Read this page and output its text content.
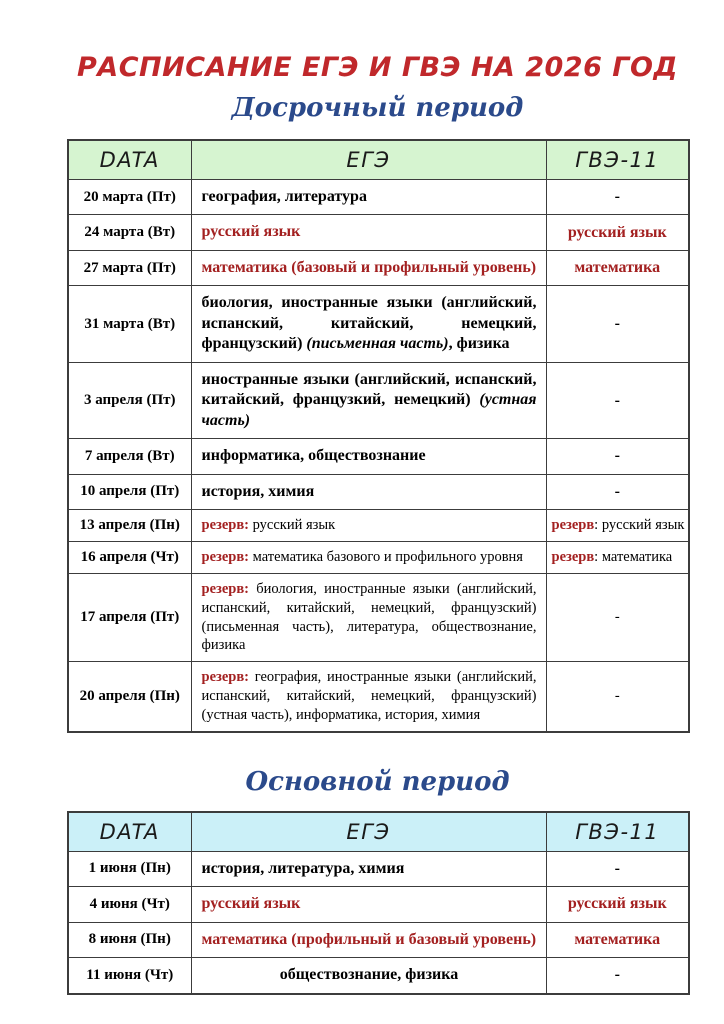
РАСПИСАНИЕ ЕГЭ И ГВЭ НА 2026 ГОД
Досрочный период
DATA	ЕГЭ	ГВЭ-11
20 марта (Пт)	география, литература	-
24 марта (Вт)	русский язык	русский язык
27 марта (Пт)	математика (базовый и профильный уровень)	математика
31 марта (Вт)	биология, иностранные языки (английский, испанский, китайский, немецкий, французский) (письменная часть), физика	-
3 апреля (Пт)	иностранные языки (английский, испанский, китайский, французкий, немецкий) (устная часть)	-
7 апреля (Вт)	информатика, обществознание	-
10 апреля (Пт)	история, химия	-
13 апреля (Пн)	резерв: русский язык	резерв: русский язык
16 апреля (Чт)	резерв: математика базового и профильного уровня	резерв: математика
17 апреля (Пт)	резерв: биология, иностранные языки (английский, испанский, китайский, немецкий, французский) (письменная часть), литература, обществознание, физика	-
20 апреля (Пн)	резерв: география, иностранные языки (английский, испанский, китайский, немецкий, французский) (устная часть), информатика, история, химия	-
Основной период
DATA	ЕГЭ	ГВЭ-11
1 июня (Пн)	история, литература, химия	-
4 июня (Чт)	русский язык	русский язык
8 июня (Пн)	математика (профильный и базовый уровень)	математика
11 июня (Чт)	обществознание, физика	-
